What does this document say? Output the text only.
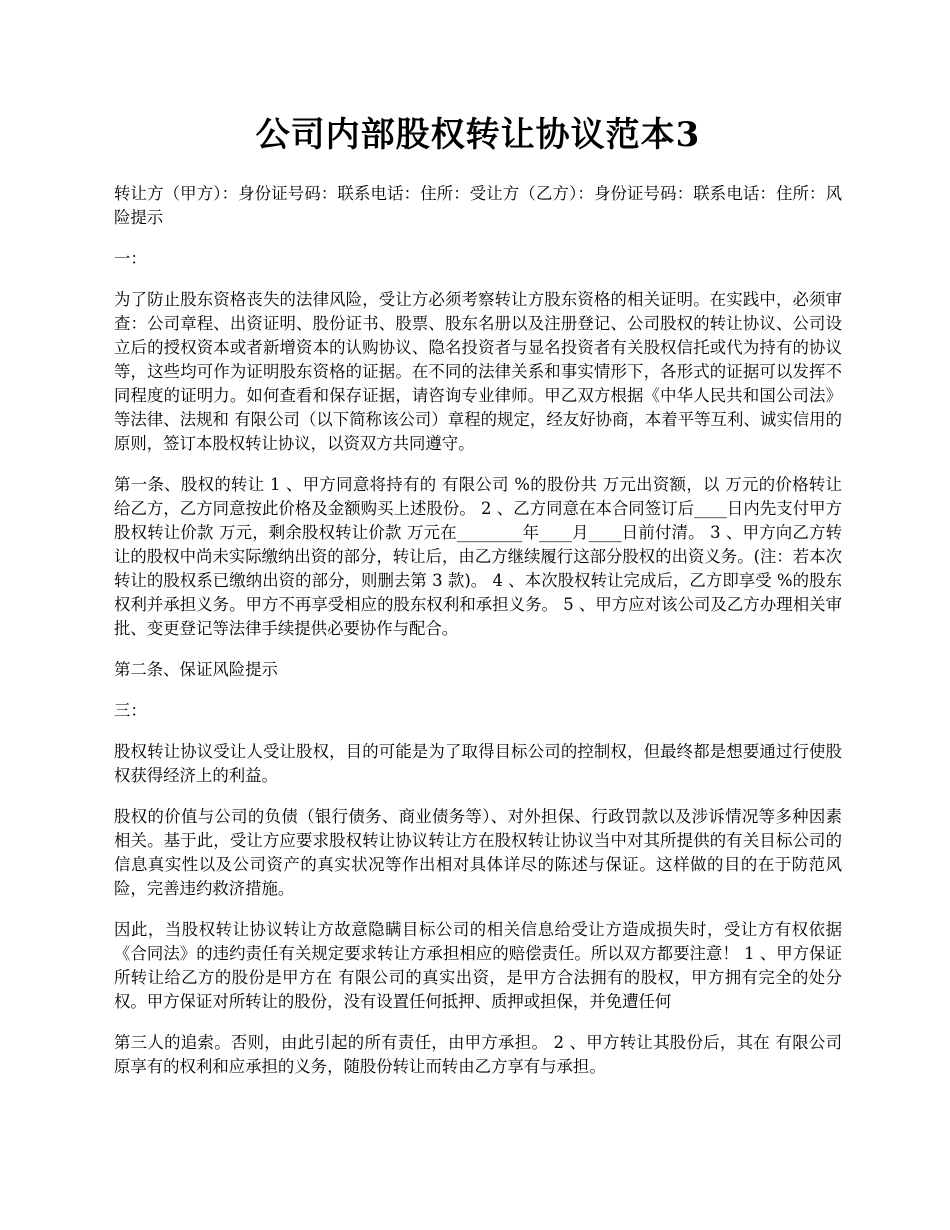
公司内部股权转让协议范本3

转让方（甲方）：身份证号码：联系电话：住所：受让方（乙方）：身份证号码：联系电话：住所：风险提示

一：

为了防止股东资格丧失的法律风险，受让方必须考察转让方股东资格的相关证明。在实践中，必须审查：公司章程、出资证明、股份证书、股票、股东名册以及注册登记、公司股权的转让协议、公司设立后的授权资本或者新增资本的认购协议、隐名投资者与显名投资者有关股权信托或代为持有的协议等，这些均可作为证明股东资格的证据。在不同的法律关系和事实情形下，各形式的证据可以发挥不同程度的证明力。如何查看和保存证据，请咨询专业律师。甲乙双方根据《中华人民共和国公司法》等法律、法规和 有限公司（以下简称该公司）章程的规定，经友好协商，本着平等互利、诚实信用的原则，签订本股权转让协议，以资双方共同遵守。

第一条、股权的转让 1 、甲方同意将持有的 有限公司 %的股份共 万元出资额，以 万元的价格转让给乙方，乙方同意按此价格及金额购买上述股份。 2 、乙方同意在本合同签订后____日内先支付甲方股权转让价款 万元，剩余股权转让价款 万元在________年____月____日前付清。 3 、甲方向乙方转让的股权中尚未实际缴纳出资的部分，转让后，由乙方继续履行这部分股权的出资义务。(注：若本次转让的股权系已缴纳出资的部分，则删去第 3 款)。 4 、本次股权转让完成后，乙方即享受 %的股东权利并承担义务。甲方不再享受相应的股东权利和承担义务。 5 、甲方应对该公司及乙方办理相关审批、变更登记等法律手续提供必要协作与配合。

第二条、保证风险提示

三：

股权转让协议受让人受让股权，目的可能是为了取得目标公司的控制权，但最终都是想要通过行使股权获得经济上的利益。

股权的价值与公司的负债（银行债务、商业债务等）、对外担保、行政罚款以及涉诉情况等多种因素相关。基于此，受让方应要求股权转让协议转让方在股权转让协议当中对其所提供的有关目标公司的信息真实性以及公司资产的真实状况等作出相对具体详尽的陈述与保证。这样做的目的在于防范风险，完善违约救济措施。

因此，当股权转让协议转让方故意隐瞒目标公司的相关信息给受让方造成损失时，受让方有权依据《合同法》的违约责任有关规定要求转让方承担相应的赔偿责任。所以双方都要注意！ 1 、甲方保证所转让给乙方的股份是甲方在 有限公司的真实出资，是甲方合法拥有的股权，甲方拥有完全的处分权。甲方保证对所转让的股份，没有设置任何抵押、质押或担保，并免遭任何

第三人的追索。否则，由此引起的所有责任，由甲方承担。 2 、甲方转让其股份后，其在 有限公司原享有的权利和应承担的义务，随股份转让而转由乙方享有与承担。
